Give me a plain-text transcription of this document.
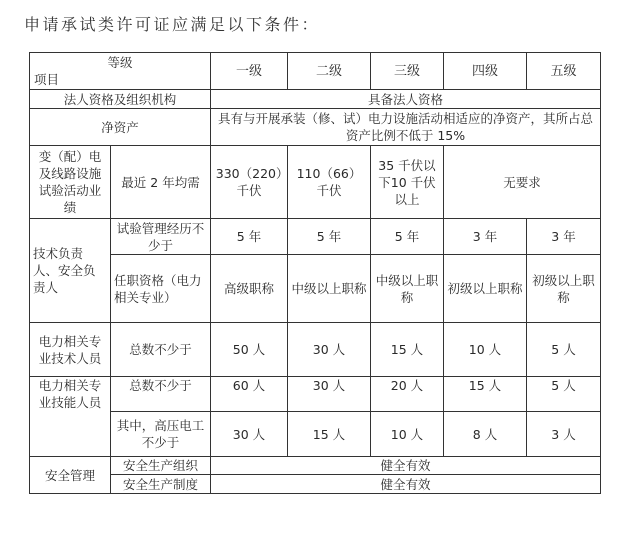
申请承试类许可证应满足以下条件：
等级
项目		一级	二级	三级	四级	五级
法人资格及组织机构		具备法人资格				
净资产		具有与开展承装（修、试）电力设施活动相适应的净资产，其所占总资产比例不低于 15%				
变（配）电及线路设施试验活动业绩	最近 2 年均需	330（220）千伏	110（66）千伏	35 千伏以下10 千伏以上	无要求	
技术负责人、安全负责人	试验管理经历不少于	5 年	5 年	5 年	3 年	3 年
	任职资格（电力相关专业）	高级职称	中级以上职称	中级以上职称	初级以上职称	初级以上职称
电力相关专业技术人员	总数不少于	50 人	30 人	15 人	10 人	5 人
电力相关专业技能人员	总数不少于	60 人	30 人	20 人	15 人	5 人
	其中，高压电工不少于	30 人	15 人	10 人	8 人	3 人
安全管理	安全生产组织	健全有效				
	安全生产制度	健全有效				
